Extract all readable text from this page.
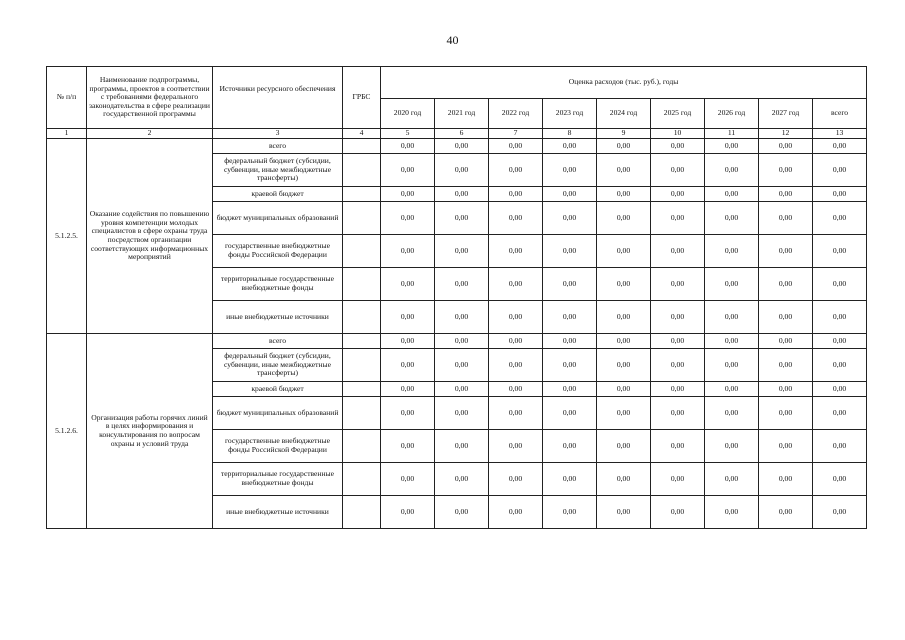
40
№ п/п	Наименование подпрограммы, программы, проектов в соответствии с требованиями федерального законодательства в сфере реализации государственной программы	Источники ресурсного обеспечения	ГРБС	Оценка расходов (тыс. руб.), годы								
				2020 год	2021 год	2022 год	2023 год	2024 год	2025 год	2026 год	2027 год	всего
1	2	3	4	5	6	7	8	9	10	11	12	13
5.1.2.5.	Оказание содействия по повышению уровня компетенции молодых специалистов в сфере охраны труда посредством организации соответствующих информационных мероприятий	всего		0,00	0,00	0,00	0,00	0,00	0,00	0,00	0,00	0,00
		федеральный бюджет (субсидии, субвенции, иные межбюджетные трансферты)		0,00	0,00	0,00	0,00	0,00	0,00	0,00	0,00	0,00
		краевой бюджет		0,00	0,00	0,00	0,00	0,00	0,00	0,00	0,00	0,00
		бюджет муниципальных образований		0,00	0,00	0,00	0,00	0,00	0,00	0,00	0,00	0,00
		государственные внебюджетные фонды Российской Федерации		0,00	0,00	0,00	0,00	0,00	0,00	0,00	0,00	0,00
		территориальные государственные внебюджетные фонды		0,00	0,00	0,00	0,00	0,00	0,00	0,00	0,00	0,00
		иные внебюджетные источники		0,00	0,00	0,00	0,00	0,00	0,00	0,00	0,00	0,00
5.1.2.6.	Организация работы горячих линий в целях информирования и консультирования по вопросам охраны и условий труда	всего		0,00	0,00	0,00	0,00	0,00	0,00	0,00	0,00	0,00
		федеральный бюджет (субсидии, субвенции, иные межбюджетные трансферты)		0,00	0,00	0,00	0,00	0,00	0,00	0,00	0,00	0,00
		краевой бюджет		0,00	0,00	0,00	0,00	0,00	0,00	0,00	0,00	0,00
		бюджет муниципальных образований		0,00	0,00	0,00	0,00	0,00	0,00	0,00	0,00	0,00
		государственные внебюджетные фонды Российской Федерации		0,00	0,00	0,00	0,00	0,00	0,00	0,00	0,00	0,00
		территориальные государственные внебюджетные фонды		0,00	0,00	0,00	0,00	0,00	0,00	0,00	0,00	0,00
		иные внебюджетные источники		0,00	0,00	0,00	0,00	0,00	0,00	0,00	0,00	0,00
